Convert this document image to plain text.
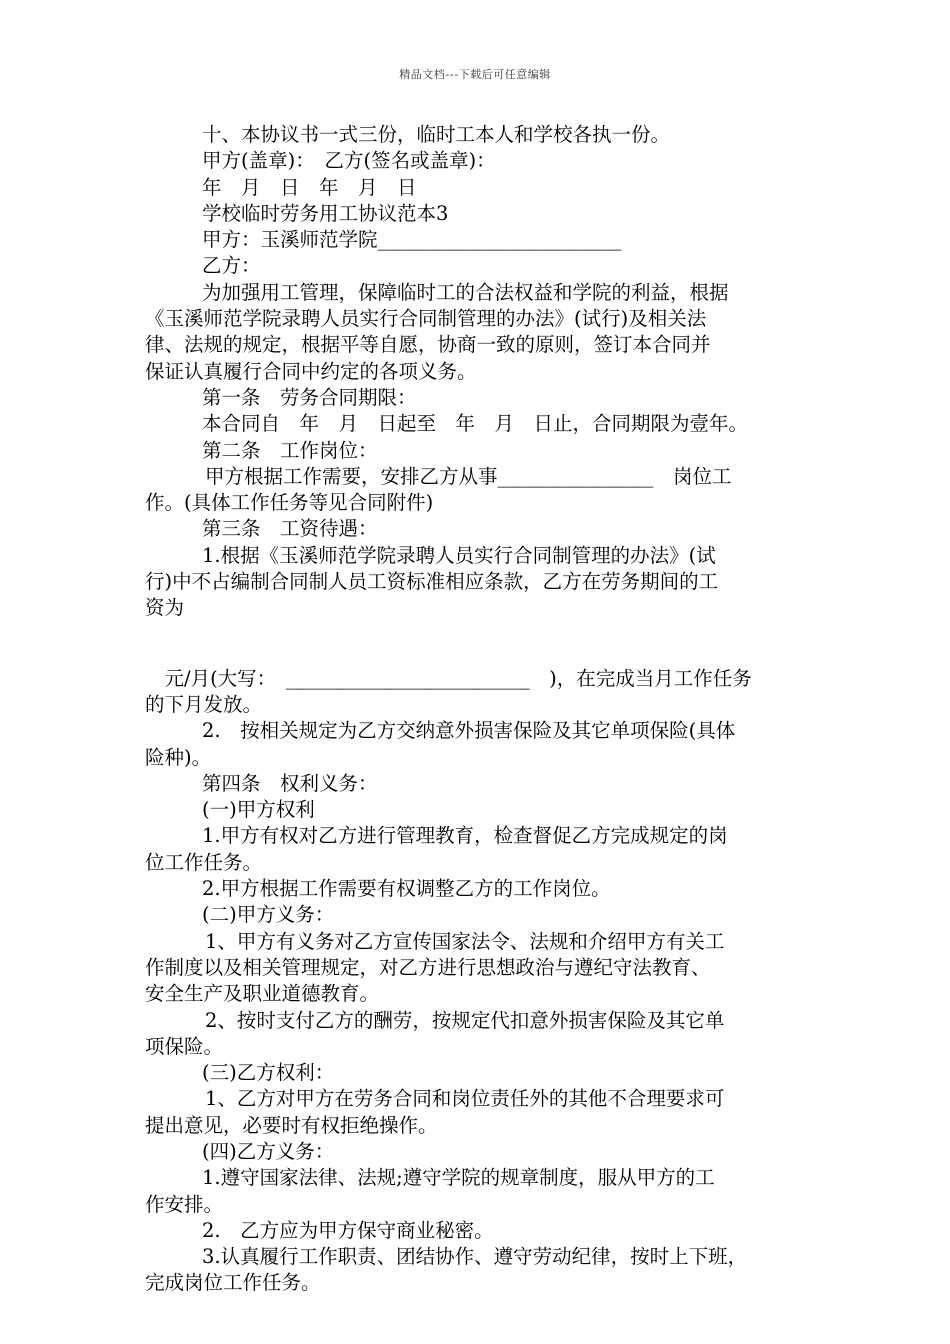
精品文档---下载后可任意编辑
十、本协议书一式三份，临时工本人和学校各执一份。
甲方(盖章)：　乙方(签名或盖章)：
年　月　日　年　月　日
学校临时劳务用工协议范本3
甲方：玉溪师范学院_________________________
乙方：
为加强用工管理，保障临时工的合法权益和学院的利益，根据
《玉溪师范学院录聘人员实行合同制管理的办法》(试行)及相关法
律、法规的规定，根据平等自愿，协商一致的原则，签订本合同并
保证认真履行合同中约定的各项义务。
第一条　劳务合同期限：
本合同自　年　月　日起至　年　月　日止，合同期限为壹年。
第二条　工作岗位：
甲方根据工作需要，安排乙方从事________________　岗位工
作。(具体工作任务等见合同附件)
第三条　工资待遇：
1.根据《玉溪师范学院录聘人员实行合同制管理的办法》(试
行)中不占编制合同制人员工资标准相应条款，乙方在劳务期间的工
资为
　元/月(大写：　_________________________　)，在完成当月工作任务
的下月发放。
2.　按相关规定为乙方交纳意外损害保险及其它单项保险(具体
险种)。
第四条　权利义务：
(一)甲方权利
1.甲方有权对乙方进行管理教育，检查督促乙方完成规定的岗
位工作任务。
2.甲方根据工作需要有权调整乙方的工作岗位。
(二)甲方义务：
1、甲方有义务对乙方宣传国家法令、法规和介绍甲方有关工
作制度以及相关管理规定，对乙方进行思想政治与遵纪守法教育、
安全生产及职业道德教育。
2、按时支付乙方的酬劳，按规定代扣意外损害保险及其它单
项保险。
(三)乙方权利：
1、乙方对甲方在劳务合同和岗位责任外的其他不合理要求可
提出意见，必要时有权拒绝操作。
(四)乙方义务：
1.遵守国家法律、法规;遵守学院的规章制度，服从甲方的工
作安排。
2.　乙方应为甲方保守商业秘密。
3.认真履行工作职责、团结协作、遵守劳动纪律，按时上下班，
完成岗位工作任务。
